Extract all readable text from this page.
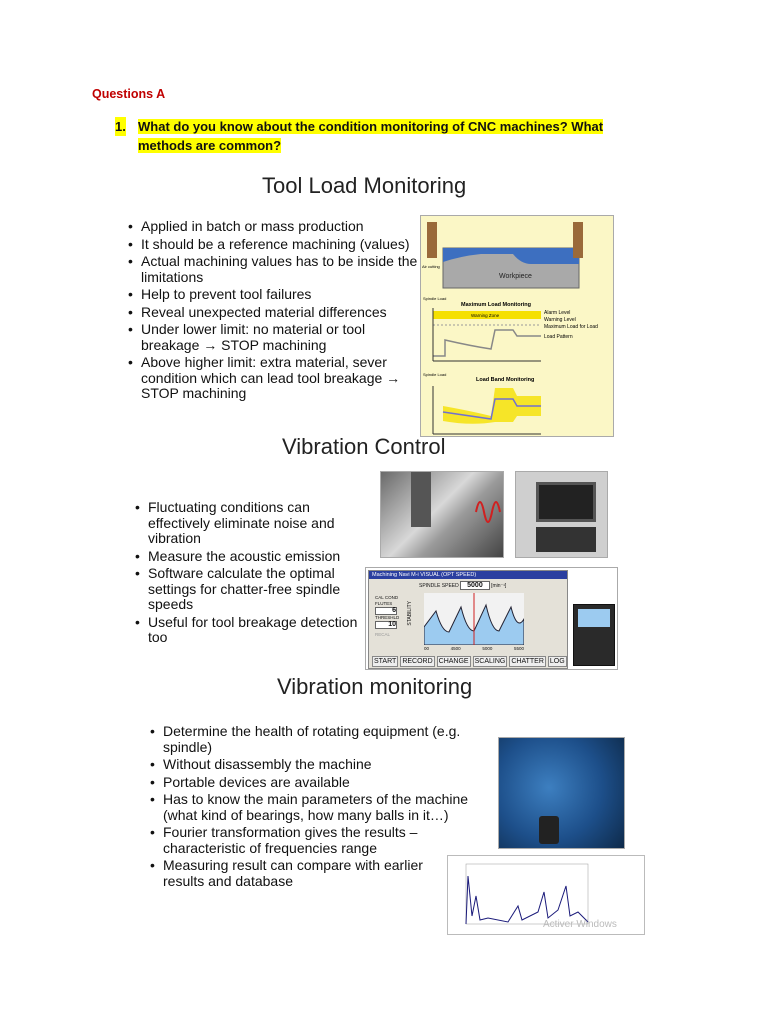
Questions A
1. What do you know about the condition monitoring of CNC machines? What methods are common?
Tool Load Monitoring
• Applied in batch or mass production
• It should be a reference machining (values)
• Actual machining values has to be inside the limitations
• Help to prevent tool failures
• Reveal unexpected material differences
• Under lower limit: no material or tool breakage → STOP machining
• Above higher limit: extra material, sever condition which can lead tool breakage → STOP machining
Workpiece
Air cutting
Spindle Load
Maximum Load Monitoring
Warning Zone	Alarm Level
Warning Level
Maximum Load for Load
Load Pattern
Spindle Load
Load Band Monitoring
Vibration Control
• Fluctuating conditions can effectively eliminate noise and vibration
• Measure the acoustic emission
• Software calculate the optimal settings for chatter-free spindle speeds
• Useful for tool breakage detection too
Machining Navi M-i VISUAL (OPT SPEED)
SPINDLE SPEED 5000 [min⁻¹]
CAL COND
FLUTES
6
THRESHLD
10
RECAL
STABILITY
00	4500	5000	5500
START RECORD CHANGE SCALING CHATTER LOG
Vibration monitoring
• Determine the health of rotating equipment (e.g. spindle)
• Without disassembly the machine
• Portable devices are available
• Has to know the main parameters of the machine (what kind of bearings, how many balls in it…)
• Fourier transformation gives the results – characteristic of frequencies range
• Measuring result can compare with earlier results and database
Activer Windows
